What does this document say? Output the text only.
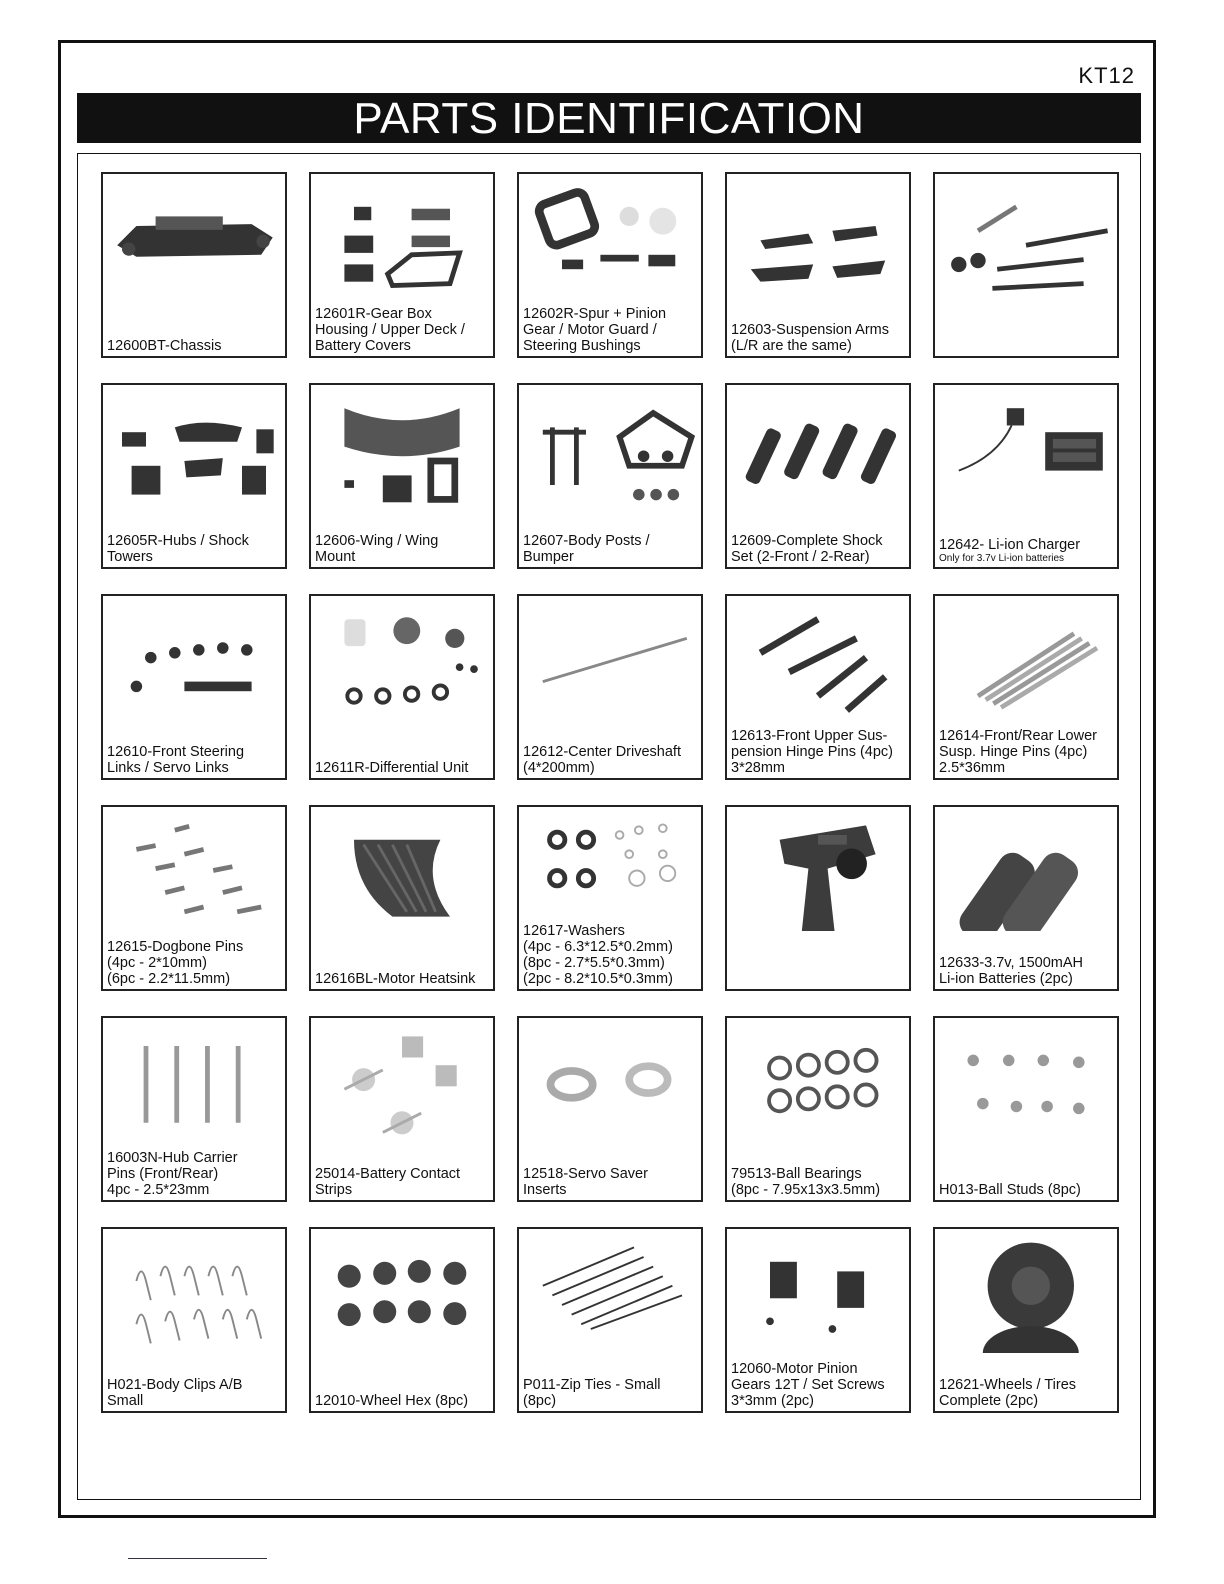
KT12
PARTS IDENTIFICATION
12600BT-Chassis
12601R-Gear Box
Housing / Upper Deck /
Battery Covers
12602R-Spur + Pinion
Gear / Motor Guard /
Steering Bushings
12603-Suspension Arms
(L/R are the same)
12605R-Hubs / Shock
Towers
12606-Wing / Wing
Mount
12607-Body Posts /
Bumper
12609-Complete Shock
Set (2-Front / 2-Rear)
12642- Li-ion Charger
Only for 3.7v Li-ion batteries
12610-Front Steering
Links / Servo Links	12611R-Differential Unit
12612-Center Driveshaft
(4*200mm)
12613-Front Upper Sus-
pension Hinge Pins (4pc)
3*28mm
12614-Front/Rear Lower
Susp. Hinge Pins (4pc)
2.5*36mm
12615-Dogbone Pins
(4pc - 2*10mm)
(6pc - 2.2*11.5mm)	12616BL-Motor Heatsink
12617-Washers
(4pc - 6.3*12.5*0.2mm)
(8pc - 2.7*5.5*0.3mm)
(2pc - 8.2*10.5*0.3mm)
12633-3.7v, 1500mAH
Li-ion Batteries (2pc)
16003N-Hub Carrier
Pins (Front/Rear)
4pc - 2.5*23mm
25014-Battery Contact
Strips
12518-Servo Saver
Inserts
79513-Ball Bearings
(8pc - 7.95x13x3.5mm)	H013-Ball Studs (8pc)
H021-Body Clips A/B
Small	12010-Wheel Hex (8pc)
P011-Zip Ties - Small
(8pc)
12060-Motor Pinion
Gears 12T / Set Screws
3*3mm (2pc)
12621-Wheels / Tires
Complete (2pc)
